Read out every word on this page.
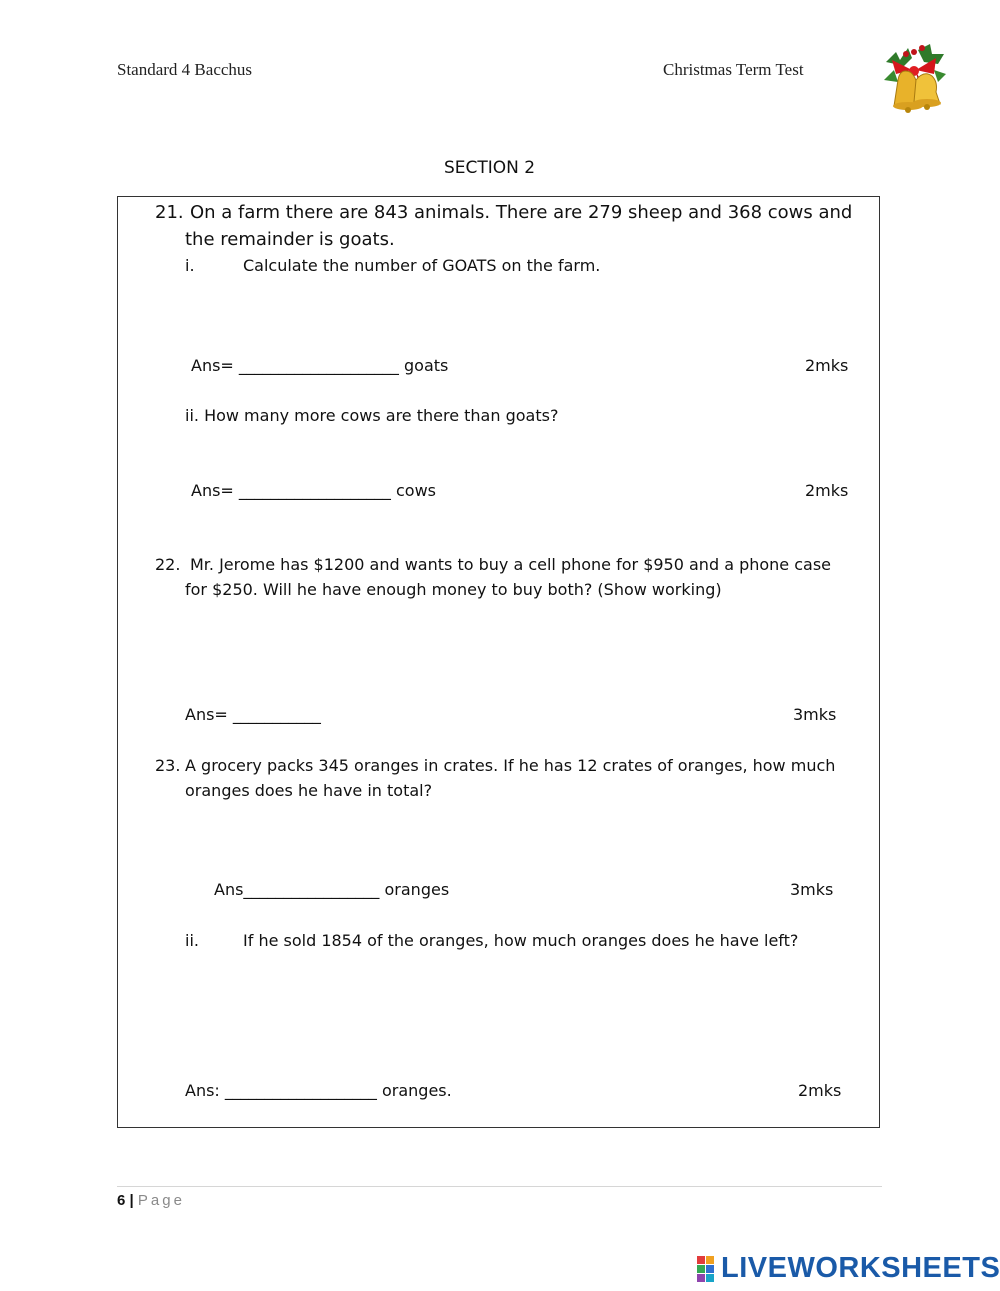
Standard 4 Bacchus	Christmas Term Test
SECTION 2
21. On a farm there are 843 animals. There are 279 sheep and 368 cows and
the remainder is goats.
i.	Calculate the number of GOATS on the farm.
Ans= ____________________ goats	2mks
ii. How many more cows are there than goats?
Ans= ___________________ cows	2mks
22. Mr. Jerome has $1200 and wants to buy a cell phone for $950 and a phone case
for $250. Will he have enough money to buy both? (Show working)
Ans= ___________	3mks
23. A grocery packs 345 oranges in crates. If he has 12 crates of oranges, how much
oranges does he have in total?
Ans_________________ oranges	3mks
ii.	If he sold 1854 of the oranges, how much oranges does he have left?
Ans: ___________________ oranges.	2mks
6 | Page
LIVEWORKSHEETS
